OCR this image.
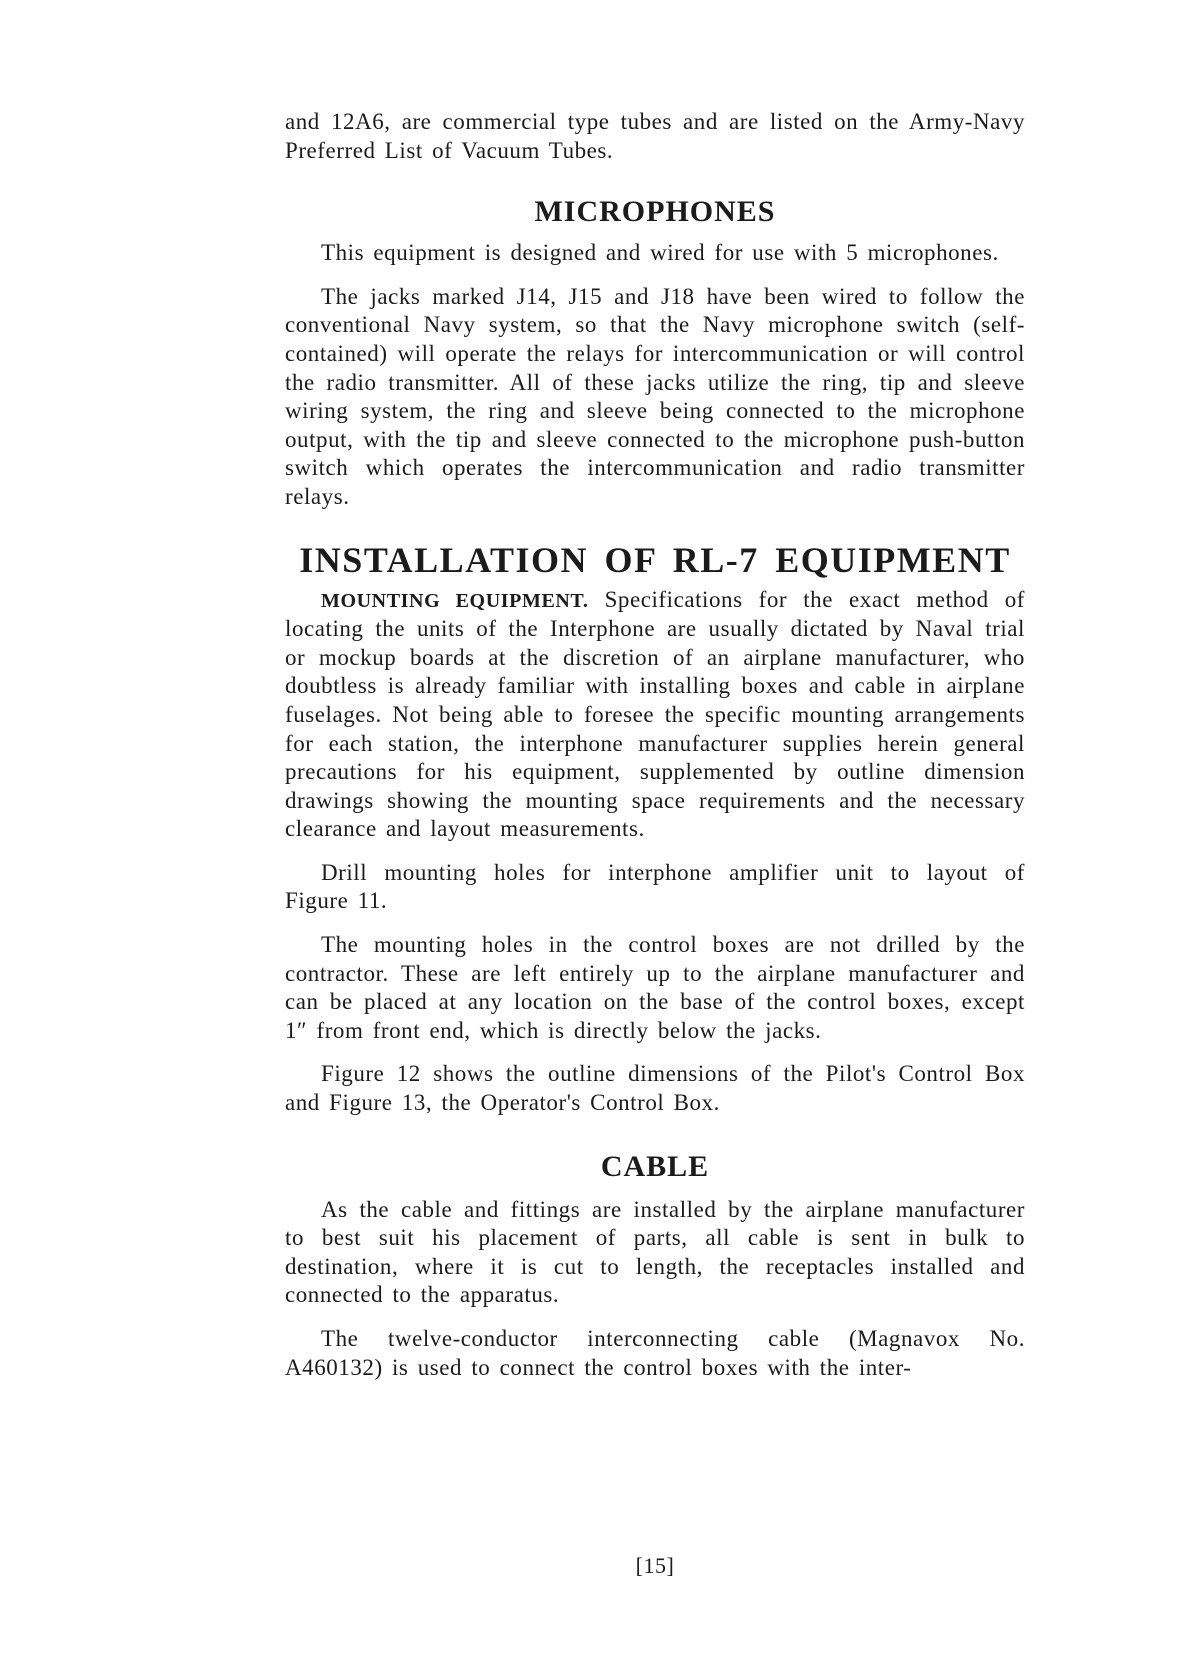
and 12A6, are commercial type tubes and are listed on the Army-Navy Preferred List of Vacuum Tubes.

MICROPHONES

This equipment is designed and wired for use with 5 microphones.

The jacks marked J14, J15 and J18 have been wired to follow the conventional Navy system, so that the Navy microphone switch (self-contained) will operate the relays for intercommunication or will control the radio transmitter. All of these jacks utilize the ring, tip and sleeve wiring system, the ring and sleeve being connected to the microphone output, with the tip and sleeve connected to the microphone push-button switch which operates the intercommunication and radio transmitter relays.

INSTALLATION OF RL-7 EQUIPMENT

MOUNTING EQUIPMENT. Specifications for the exact method of locating the units of the Interphone are usually dictated by Naval trial or mockup boards at the discretion of an airplane manufacturer, who doubtless is already familiar with installing boxes and cable in airplane fuselages. Not being able to foresee the specific mounting arrangements for each station, the interphone manufacturer supplies herein general precautions for his equipment, supplemented by outline dimension drawings showing the mounting space requirements and the necessary clearance and layout measurements.

Drill mounting holes for interphone amplifier unit to layout of Figure 11.

The mounting holes in the control boxes are not drilled by the contractor. These are left entirely up to the airplane manufacturer and can be placed at any location on the base of the control boxes, except 1″ from front end, which is directly below the jacks.

Figure 12 shows the outline dimensions of the Pilot's Control Box and Figure 13, the Operator's Control Box.

CABLE

As the cable and fittings are installed by the airplane manufacturer to best suit his placement of parts, all cable is sent in bulk to destination, where it is cut to length, the receptacles installed and connected to the apparatus.

The twelve-conductor interconnecting cable (Magnavox No. A460132) is used to connect the control boxes with the inter-

[15]
